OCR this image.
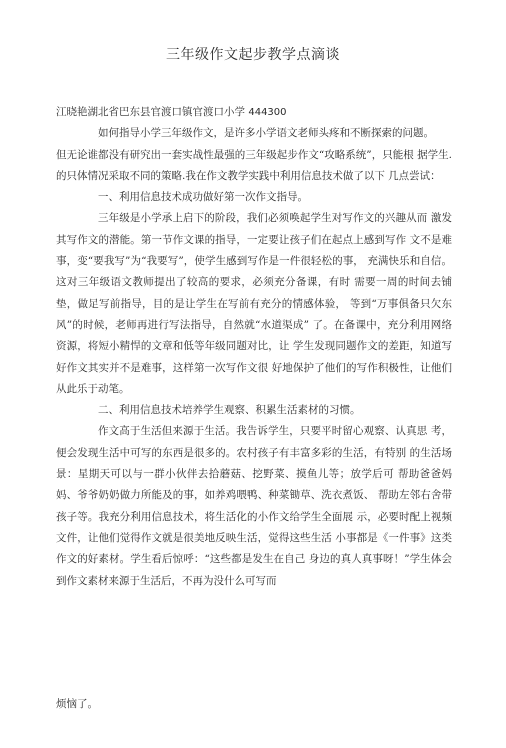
三年级作文起步教学点滴谈

江晓艳湖北省巴东县官渡口镇官渡口小学 444300

如何指导小学三年级作文，是许多小学语文老师头疼和不断探索的问题。

但无论谁都没有研究出一套实战性最强的三年级起步作文“攻略系统”，只能根 据学生.的只体情况采取不同的策略.我在作文教学实践中利用信息技术做了以下 几点尝试：

一、利用信息技术成功做好第一次作文指导。

三年级是小学承上启下的阶段，我们必须唤起学生对写作文的兴趣从而 激发其写作文的潜能。第一节作文课的指导，一定要让孩子们在起点上感到写作 文不是难事，变“要我写”为“我要写”，使学生感到写作是一件很轻松的事， 充满快乐和自信。这对三年级语文教师提出了较高的要求，必须充分备课，有时 需要一周的时间去铺垫，做足写前指导，目的是让学生在写前有充分的情感体验， 等到“万事俱备只欠东风”的时候，老师再进行写法指导，自然就“水道渠成” 了。在备课中，充分利用网络资源，将短小精悍的文章和低等年级同题对比，让 学生发现同题作文的差距，知道写好作文其实并不是难事，这样第一次写作文很 好地保护了他们的写作积极性，让他们从此乐于动笔。

二、利用信息技术培养学生观察、积累生活素材的习惯。

作文高于生活但来源于生活。我告诉学生，只要平时留心观察、认真思 考，便会发现生活中可写的东西是很多的。农村孩子有丰富多彩的生活，有特别 的生活场景：星期天可以与一群小伙伴去拾蘑菇、挖野菜、摸鱼儿等；放学后可 帮助爸爸妈妈、爷爷奶奶做力所能及的事，如养鸡喂鸭、种菜锄草、洗衣煮饭、 帮助左邻右舍带孩子等。我充分利用信息技术，将生活化的小作文给学生全面展 示，必要时配上视频文件，让他们觉得作文就是很美地反映生活，觉得这些生活 小事都是《一件事》这类作文的好素材。学生看后惊呼：“这些都是发生在自己 身边的真人真事呀！”学生体会到作文素材来源于生活后，不再为没什么可写而

烦恼了。
